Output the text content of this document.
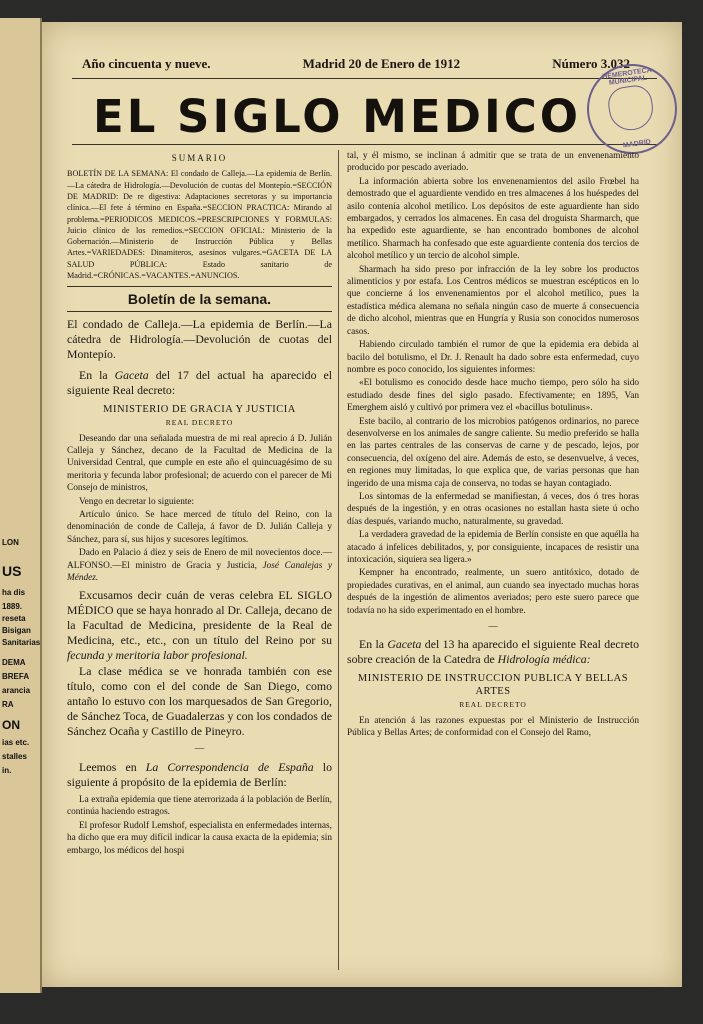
LON
US
ha dis
1889.
reseta
Bisigan
Sanitarias
DEMA
BREFA
arancia
RA
ON
ias etc.
stalles
in.
Año cincuenta y nueve.	Madrid 20 de Enero de 1912	Número 3.032
EL SIGLO MEDICO
HEMEROTECA MUNICIPAL
MADRID
SUMARIO

BOLETÍN DE LA SEMANA: El condado de Calleja.—La epidemia de Berlín.—La cátedra de Hidrología.—Devolución de cuotas del Montepío.=SECCIÓN DE MADRID: De re digestiva: Adaptaciones secretoras y su importancia clínica.—El fete á término en España.=SECCION PRACTICA: Mirando al problema.=PERIODICOS MEDICOS.=PRESCRIPCIONES Y FORMULAS: Juicio clínico de los remedios.=SECCION OFICIAL: Ministerio de la Gobernación.—Ministerio de Instrucción Pública y Bellas Artes.=VARIEDADES: Dinamiteros, asesinos vulgares.=GACETA DE LA SALUD PÚBLICA: Estado sanitario de Madrid.=CRÓNICAS.=VACANTES.=ANUNCIOS.

Boletín de la semana.

El condado de Calleja.—La epidemia de Berlín.—La cátedra de Hidrología.—Devolución de cuotas del Montepío.

En la Gaceta del 17 del actual ha aparecido el siguiente Real decreto:

MINISTERIO DE GRACIA Y JUSTICIA
REAL DECRETO

Deseando dar una señalada muestra de mi real aprecio á D. Julián Calleja y Sánchez, decano de la Facultad de Medicina de la Universidad Central, que cumple en este año el quincuagésimo de su meritoria y fecunda labor profesional; de acuerdo con el parecer de Mi Consejo de ministros,

Vengo en decretar lo siguiente:

Artículo único. Se hace merced de título del Reino, con la denominación de conde de Calleja, á favor de D. Julián Calleja y Sánchez, para sí, sus hijos y sucesores legítimos.

Dado en Palacio á diez y seis de Enero de mil novecientos doce.—ALFONSO.—El ministro de Gracia y Justicia, José Canalejas y Méndez.

Excusamos decir cuán de veras celebra EL SIGLO MÉDICO que se haya honrado al Dr. Calleja, decano de la Facultad de Medicina, presidente de la Real de Medicina, etc., etc., con un título del Reino por su fecunda y meritoria labor profesional.

La clase médica se ve honrada también con ese título, como con el del conde de San Diego, como antaño lo estuvo con los marquesados de San Gregorio, de Sánchez Toca, de Guadalerzas y con los condados de Sánchez Ocaña y Castillo de Pineyro.

—

Leemos en La Correspondencia de España lo siguiente á propósito de la epidemia de Berlín:

La extraña epidemia que tiene aterrorizada á la población de Berlín, continúa haciendo estragos.

El profesor Rudolf Lemshof, especialista en enfermedades internas, ha dicho que era muy difícil indicar la causa exacta de la epidemia; sin embargo, los médicos del hospi

tal, y él mismo, se inclinan á admitir que se trata de un envenenamiento producido por pescado averiado.

La información abierta sobre los envenenamientos del asilo Frœbel ha demostrado que el aguardiente vendido en tres almacenes á los huéspedes del asilo contenía alcohol metílico. Los depósitos de este aguardiente han sido embargados, y cerrados los almacenes. En casa del droguista Sharmarch, que ha expedido este aguardiente, se han encontrado bombones de alcohol metílico. Sharmach ha confesado que este aguardiente contenía dos tercios de alcohol metílico y un tercio de alcohol simple.

Sharmach ha sido preso por infracción de la ley sobre los productos alimenticios y por estafa. Los Centros médicos se muestran escépticos en lo que concierne á los envenenamientos por el alcohol metílico, pues la estadística médica alemana no señala ningún caso de muerte á consecuencia de dicho alcohol, mientras que en Hungría y Rusia son conocidos numerosos casos.

Habiendo circulado también el rumor de que la epidemia era debida al bacilo del botulismo, el Dr. J. Renault ha dado sobre esta enfermedad, cuyo nombre es poco conocido, los siguientes informes:

«El botulismo es conocido desde hace mucho tiempo, pero sólo ha sido estudiado desde fines del siglo pasado. Efectivamente; en 1895, Van Emerghem aisló y cultivó por primera vez el «bacillus botulinus».

Este bacilo, al contrario de los microbios patógenos ordinarios, no parece desenvolverse en los animales de sangre caliente. Su medio preferido se halla en las partes centrales de las conservas de carne y de pescado, lejos, por consecuencia, del oxígeno del aire. Además de esto, se desenvuelve, á veces, en regiones muy limitadas, lo que explica que, de varias personas que han ingerido de una misma caja de conserva, no todas se hayan contagiado.

Los síntomas de la enfermedad se manifiestan, á veces, dos ó tres horas después de la ingestión, y en otras ocasiones no estallan hasta siete ú ocho días después, variando mucho, naturalmente, su gravedad.

La verdadera gravedad de la epidemia de Berlín consiste en que aquélla ha atacado á infelices debilitados, y, por consiguiente, incapaces de resistir una intoxicación, siquiera sea ligera.»

Kempner ha encontrado, realmente, un suero antitóxico, dotado de propiedades curativas, en el animal, aun cuando sea inyectado muchas horas después de la ingestión de alimentos averiados; pero este suero parece que todavía no ha sido experimentado en el hombre.

—

En la Gaceta del 13 ha aparecido el siguiente Real decreto sobre creación de la Catedra de Hidrología médica:

MINISTERIO DE INSTRUCCION PUBLICA Y BELLAS ARTES
REAL DECRETO

En atención á las razones expuestas por el Ministerio de Instrucción Pública y Bellas Artes; de conformidad con el Consejo del Ramo,
